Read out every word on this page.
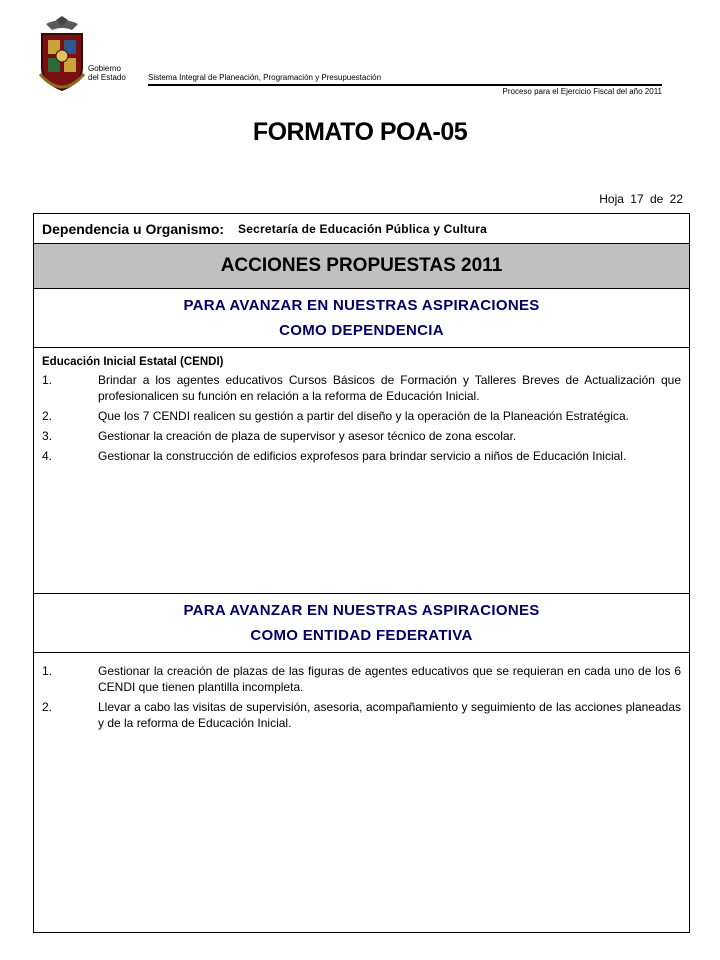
Gobierno
del Estado	Sistema Integral de Planeación, Programación y Presupuestación
Proceso para el Ejercicio Fiscal del año 2011
FORMATO POA-05
Hoja 17 de 22
Dependencia u Organismo: Secretaría de Educación Pública y Cultura
ACCIONES PROPUESTAS 2011
PARA AVANZAR EN NUESTRAS ASPIRACIONES
COMO DEPENDENCIA
Educación Inicial Estatal (CENDI)
1.	Brindar a los agentes educativos Cursos Básicos de Formación y Talleres Breves de Actualización que profesionalicen su función en relación a la reforma de Educación Inicial.
2.	Que los 7 CENDI realicen su gestión a partir del diseño y la operación de la Planeación Estratégica.
3.	Gestionar la creación de plaza de supervisor y asesor técnico de zona escolar.
4.	Gestionar la construcción de edificios exprofesos para brindar servicio a niños de Educación Inicial.
PARA AVANZAR EN NUESTRAS ASPIRACIONES
COMO ENTIDAD FEDERATIVA
1.	Gestionar la creación de plazas de las figuras de agentes educativos que se requieran en cada uno de los 6 CENDI que tienen plantilla incompleta.
2.	Llevar a cabo las visitas de supervisión, asesoria, acompañamiento y seguimiento de las acciones planeadas y de la reforma de Educación Inicial.
